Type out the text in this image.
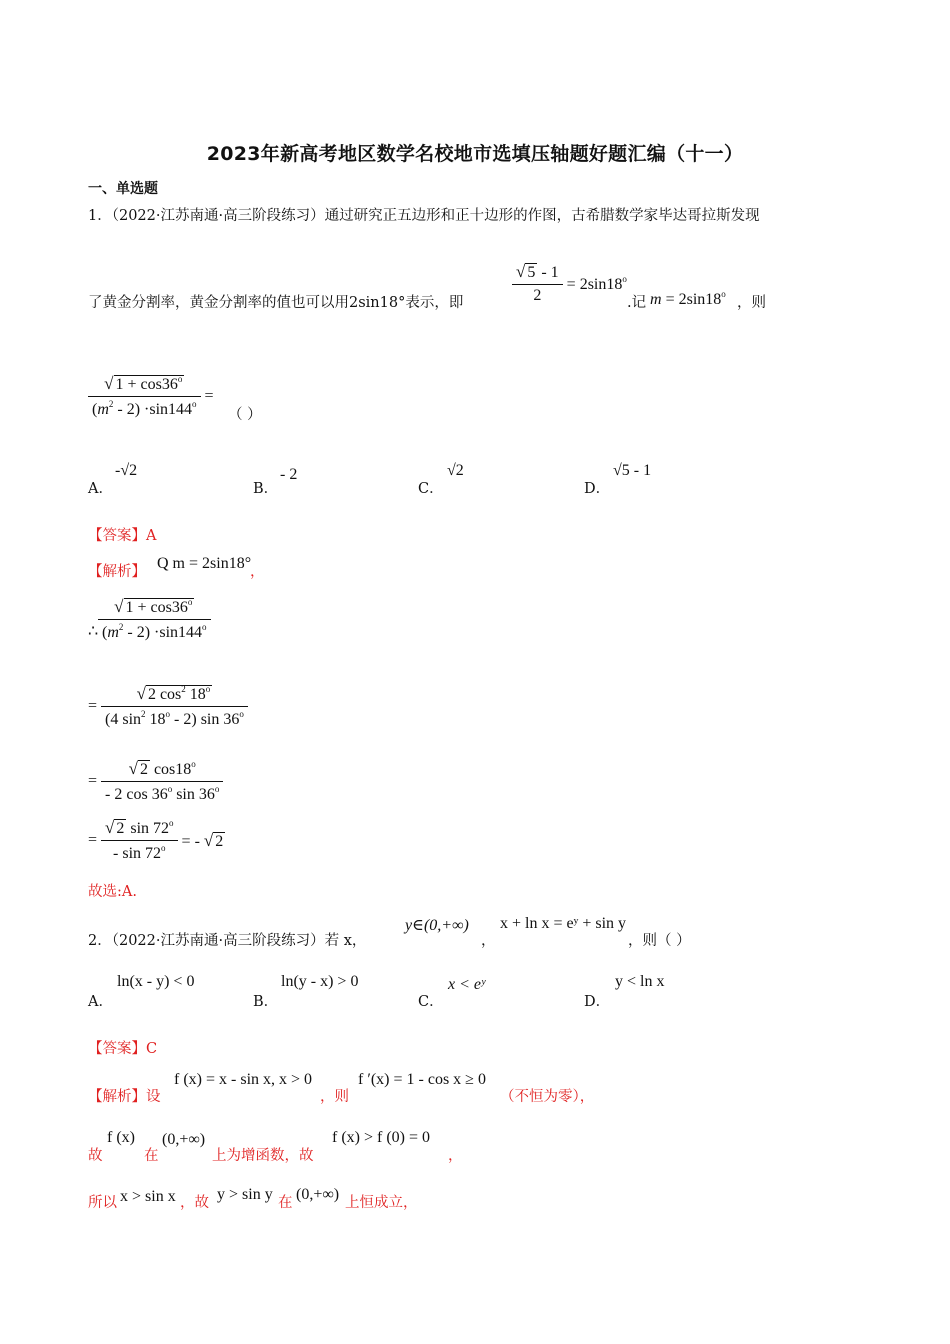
2023年新高考地区数学名校地市选填压轴题好题汇编（十一）
一、单选题
1．（2022·江苏南通·高三阶段练习）通过研究正五边形和正十边形的作图，古希腊数学家毕达哥拉斯发现
了黄金分割率，黄金分割率的值也可以用2sin18°表示，即	$\frac{√ 5 - 1}{2} = 2\sin 18^o$
.记 $m = 2\sin 18^o$
，则
$\frac{√ 1 + \cos 36^o}{(m^2 - 2) \cdot\sin 144^o}$ =
（ ）
A．
-√2
B．
- 2
C．
√2
D．
√5 - 1
【答案】A
【解析】 Q m = 2sin18°
，
∴ $\frac{√ 1 + \cos 36^o}{(m^2 - 2) \cdot\sin 144^o}$
= $\frac{√ 2 \cos^2 18^o}{(4 \sin^2 18^o - 2) \sin 36^o}$
= $\frac{√ 2 \cos 18^o}{- 2 \cos 36^o \sin 36^o}$
= $\frac{√ 2 \sin 72^o}{- \sin 72^o}$ = - √ 2
故选:A.
2．（2022·江苏南通·高三阶段练习）若 x，
y∈(0,+∞)
，
x + ln x = eʸ + sin y
，则（ ）
A．
ln(x - y) < 0
B．
ln(y - x) > 0
C．
x < eʸ
D．
y < ln x
【答案】C
【解析】设
f (x) = x - sin x, x > 0
，则
f ′(x) = 1 - cos x ≥ 0
（不恒为零），
故
f (x)
在
(0,+∞)
上为增函数，故
f (x) > f (0) = 0
，
所以 x > sin x ，故 y > sin y 在 (0,+∞) 上恒成立，
